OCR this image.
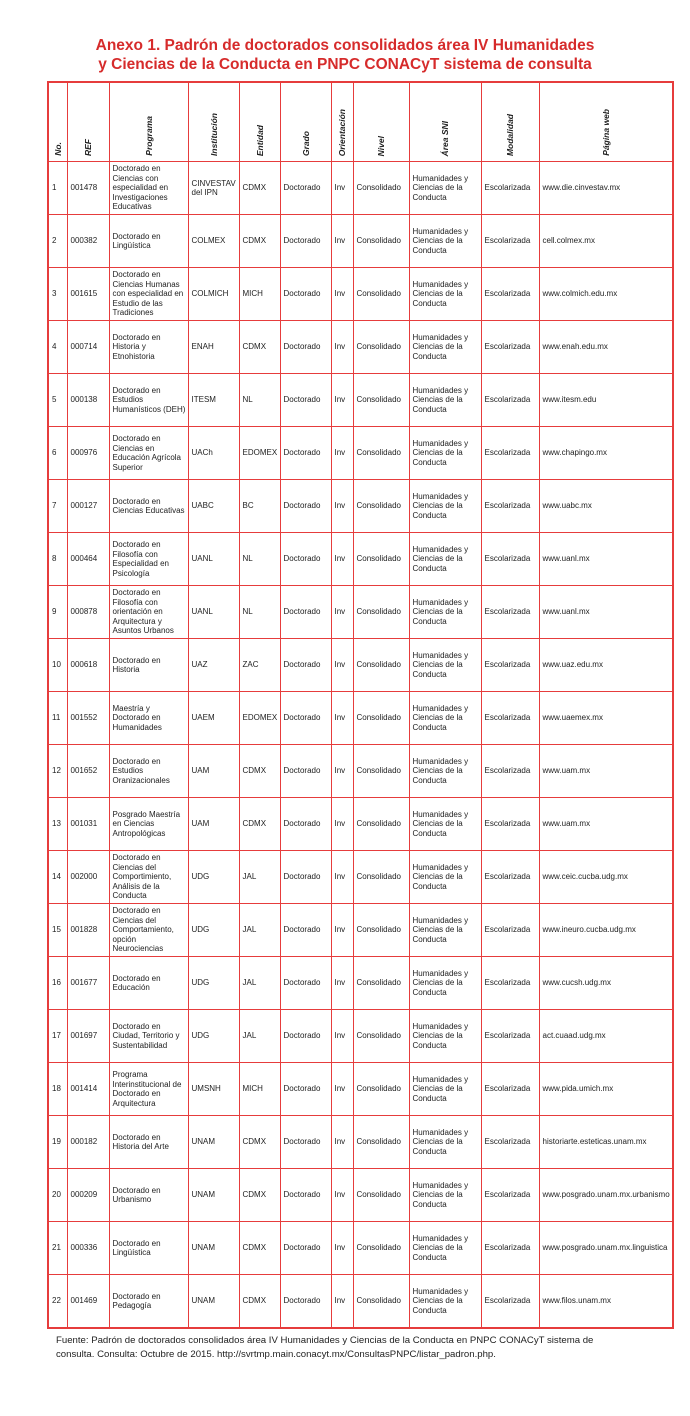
Anexo 1. Padrón de doctorados consolidados área IV Humanidades
y Ciencias de la Conducta en PNPC CONACyT sistema de consulta
No.	REF	Programa	Institución	Entidad	Grado	Orientación	Nivel	Área SNI	Modalidad	Página web

1	001478	Doctorado en Ciencias con especialidad en Investigaciones Educativas	CINVESTAV del IPN	CDMX	Doctorado	Inv	Consolidado	Humanidades y Ciencias de la Conducta	Escolarizada	www.die.cinvestav.mx
2	000382	Doctorado en Lingüística	COLMEX	CDMX	Doctorado	Inv	Consolidado	Humanidades y Ciencias de la Conducta	Escolarizada	cell.colmex.mx
3	001615	Doctorado en Ciencias Humanas con especialidad en Estudio de las Tradiciones	COLMICH	MICH	Doctorado	Inv	Consolidado	Humanidades y Ciencias de la Conducta	Escolarizada	www.colmich.edu.mx
4	000714	Doctorado en Historia y Etnohistoria	ENAH	CDMX	Doctorado	Inv	Consolidado	Humanidades y Ciencias de la Conducta	Escolarizada	www.enah.edu.mx
5	000138	Doctorado en Estudios Humanísticos (DEH)	ITESM	NL	Doctorado	Inv	Consolidado	Humanidades y Ciencias de la Conducta	Escolarizada	www.itesm.edu
6	000976	Doctorado en Ciencias en Educación Agrícola Superior	UACh	EDOMEX	Doctorado	Inv	Consolidado	Humanidades y Ciencias de la Conducta	Escolarizada	www.chapingo.mx
7	000127	Doctorado en Ciencias Educativas	UABC	BC	Doctorado	Inv	Consolidado	Humanidades y Ciencias de la Conducta	Escolarizada	www.uabc.mx
8	000464	Doctorado en Filosofía con Especialidad en Psicología	UANL	NL	Doctorado	Inv	Consolidado	Humanidades y Ciencias de la Conducta	Escolarizada	www.uanl.mx
9	000878	Doctorado en Filosofía con orientación en Arquitectura y Asuntos Urbanos	UANL	NL	Doctorado	Inv	Consolidado	Humanidades y Ciencias de la Conducta	Escolarizada	www.uanl.mx
10	000618	Doctorado en Historia	UAZ	ZAC	Doctorado	Inv	Consolidado	Humanidades y Ciencias de la Conducta	Escolarizada	www.uaz.edu.mx
11	001552	Maestría y Doctorado en Humanidades	UAEM	EDOMEX	Doctorado	Inv	Consolidado	Humanidades y Ciencias de la Conducta	Escolarizada	www.uaemex.mx
12	001652	Doctorado en Estudios Oranizacionales	UAM	CDMX	Doctorado	Inv	Consolidado	Humanidades y Ciencias de la Conducta	Escolarizada	www.uam.mx
13	001031	Posgrado Maestría en Ciencias Antropológicas	UAM	CDMX	Doctorado	Inv	Consolidado	Humanidades y Ciencias de la Conducta	Escolarizada	www.uam.mx
14	002000	Doctorado en Ciencias del Comportimiento, Análisis de la Conducta	UDG	JAL	Doctorado	Inv	Consolidado	Humanidades y Ciencias de la Conducta	Escolarizada	www.ceic.cucba.udg.mx
15	001828	Doctorado en Ciencias del Comportamiento, opción Neurociencias	UDG	JAL	Doctorado	Inv	Consolidado	Humanidades y Ciencias de la Conducta	Escolarizada	www.ineuro.cucba.udg.mx
16	001677	Doctorado en Educación	UDG	JAL	Doctorado	Inv	Consolidado	Humanidades y Ciencias de la Conducta	Escolarizada	www.cucsh.udg.mx
17	001697	Doctorado en Ciudad, Territorio y Sustentabilidad	UDG	JAL	Doctorado	Inv	Consolidado	Humanidades y Ciencias de la Conducta	Escolarizada	act.cuaad.udg.mx
18	001414	Programa Interinstitucional de Doctorado en Arquitectura	UMSNH	MICH	Doctorado	Inv	Consolidado	Humanidades y Ciencias de la Conducta	Escolarizada	www.pida.umich.mx
19	000182	Doctorado en Historia del Arte	UNAM	CDMX	Doctorado	Inv	Consolidado	Humanidades y Ciencias de la Conducta	Escolarizada	historiarte.esteticas.unam.mx
20	000209	Doctorado en Urbanismo	UNAM	CDMX	Doctorado	Inv	Consolidado	Humanidades y Ciencias de la Conducta	Escolarizada	www.posgrado.unam.mx.urbanismo
21	000336	Doctorado en Lingüística	UNAM	CDMX	Doctorado	Inv	Consolidado	Humanidades y Ciencias de la Conducta	Escolarizada	www.posgrado.unam.mx.linguistica
22	001469	Doctorado en Pedagogía	UNAM	CDMX	Doctorado	Inv	Consolidado	Humanidades y Ciencias de la Conducta	Escolarizada	www.filos.unam.mx
Fuente: Padrón de doctorados consolidados área IV Humanidades y Ciencias de la Conducta en PNPC CONACyT sistema de
consulta. Consulta: Octubre de 2015. http://svrtmp.main.conacyt.mx/ConsultasPNPC/listar_padron.php.
